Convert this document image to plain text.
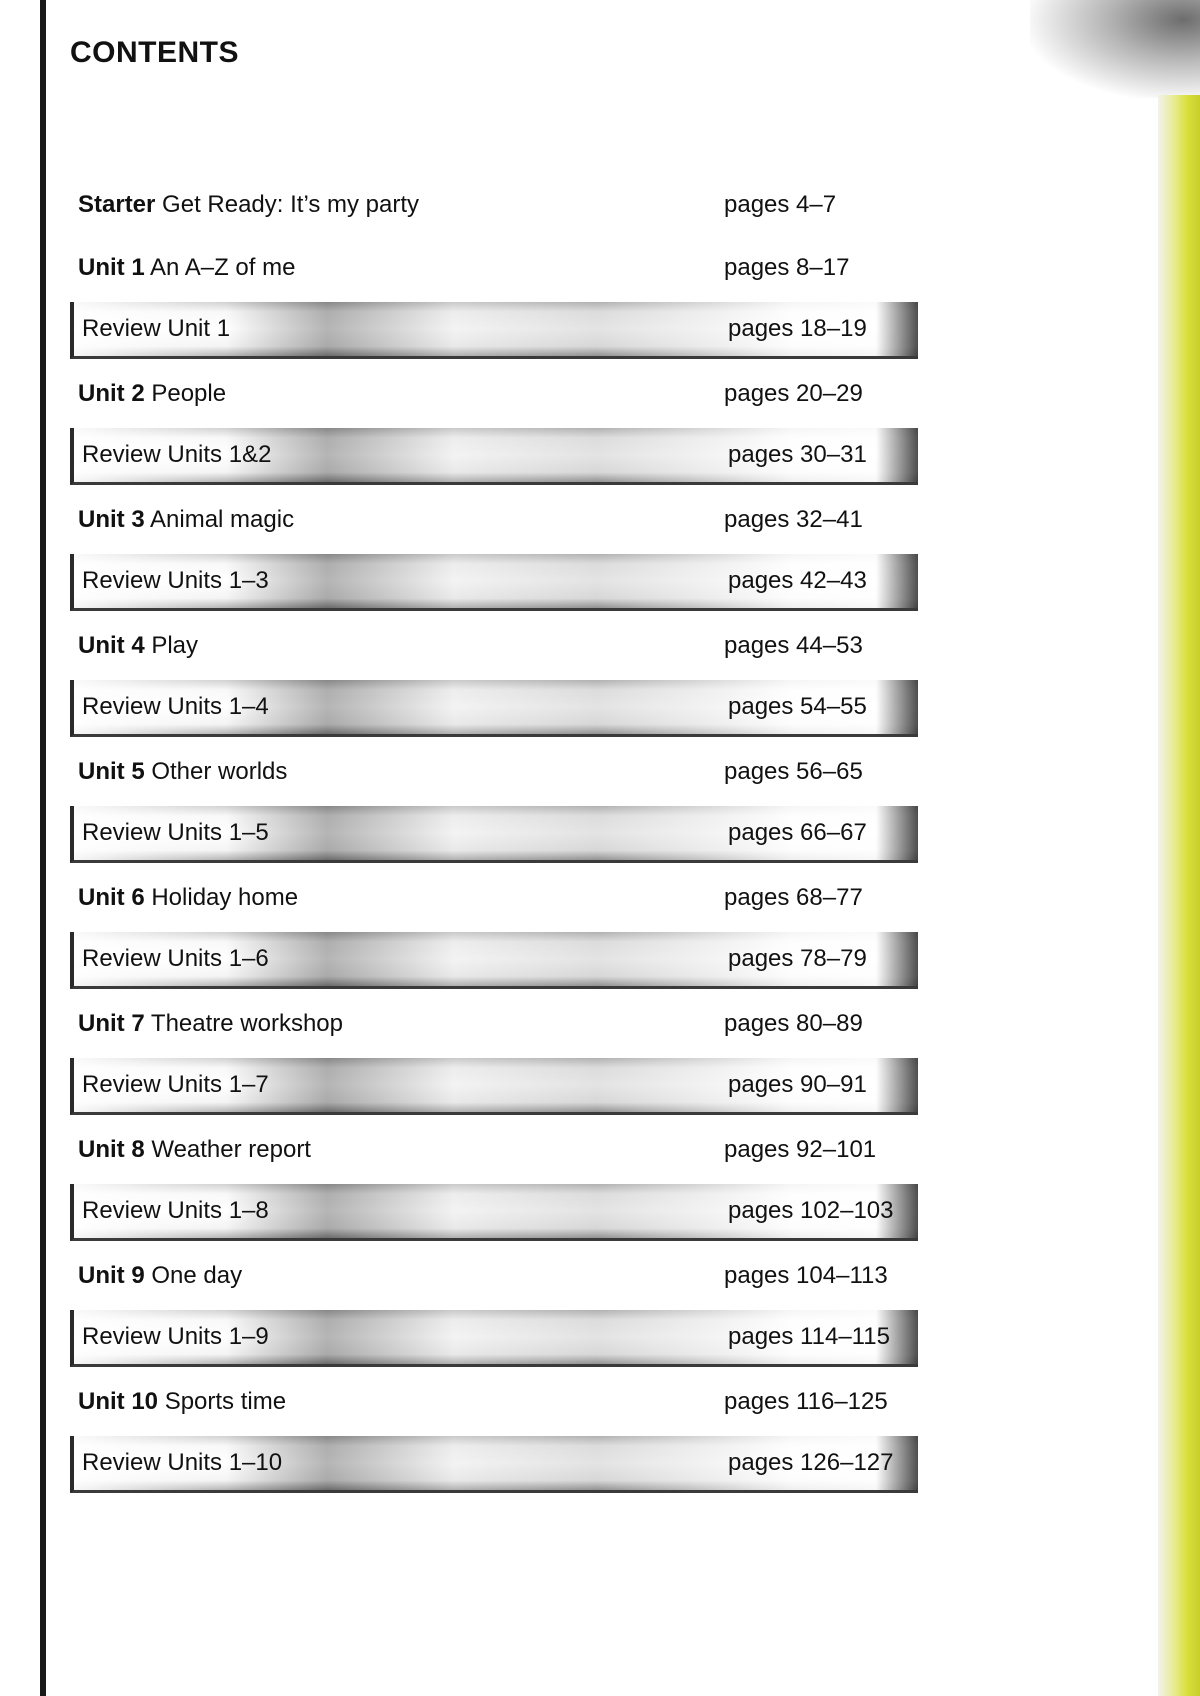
CONTENTS
Starter Get Ready: It’s my party	pages 4–7
Unit 1 An A–Z of me	pages 8–17
Review Unit 1	pages 18–19
Unit 2 People	pages 20–29
Review Units 1&2	pages 30–31
Unit 3 Animal magic	pages 32–41
Review Units 1–3	pages 42–43
Unit 4 Play	pages 44–53
Review Units 1–4	pages 54–55
Unit 5 Other worlds	pages 56–65
Review Units 1–5	pages 66–67
Unit 6 Holiday home	pages 68–77
Review Units 1–6	pages 78–79
Unit 7 Theatre workshop	pages 80–89
Review Units 1–7	pages 90–91
Unit 8 Weather report	pages 92–101
Review Units 1–8	pages 102–103
Unit 9 One day	pages 104–113
Review Units 1–9	pages 114–115
Unit 10 Sports time	pages 116–125
Review Units 1–10	pages 126–127
